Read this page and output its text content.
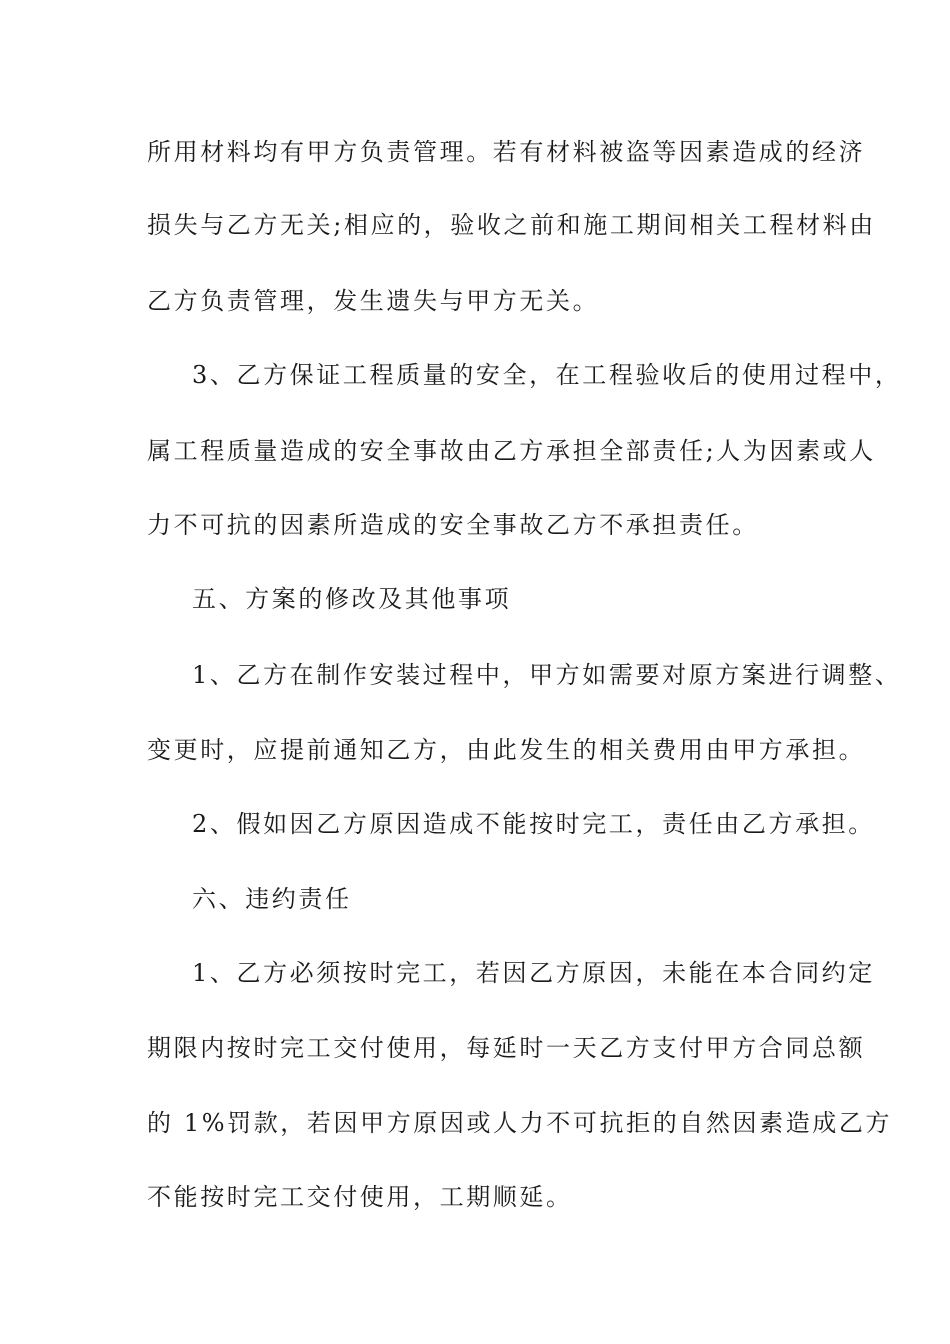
所用材料均有甲方负责管理。若有材料被盗等因素造成的经济
损失与乙方无关;相应的，验收之前和施工期间相关工程材料由
乙方负责管理，发生遗失与甲方无关。
3、乙方保证工程质量的安全，在工程验收后的使用过程中，
属工程质量造成的安全事故由乙方承担全部责任;人为因素或人
力不可抗的因素所造成的安全事故乙方不承担责任。
五、方案的修改及其他事项
1、乙方在制作安装过程中，甲方如需要对原方案进行调整、
变更时，应提前通知乙方，由此发生的相关费用由甲方承担。
2、假如因乙方原因造成不能按时完工，责任由乙方承担。
六、违约责任
1、乙方必须按时完工，若因乙方原因，未能在本合同约定
期限内按时完工交付使用，每延时一天乙方支付甲方合同总额
的 1%罚款，若因甲方原因或人力不可抗拒的自然因素造成乙方
不能按时完工交付使用，工期顺延。
